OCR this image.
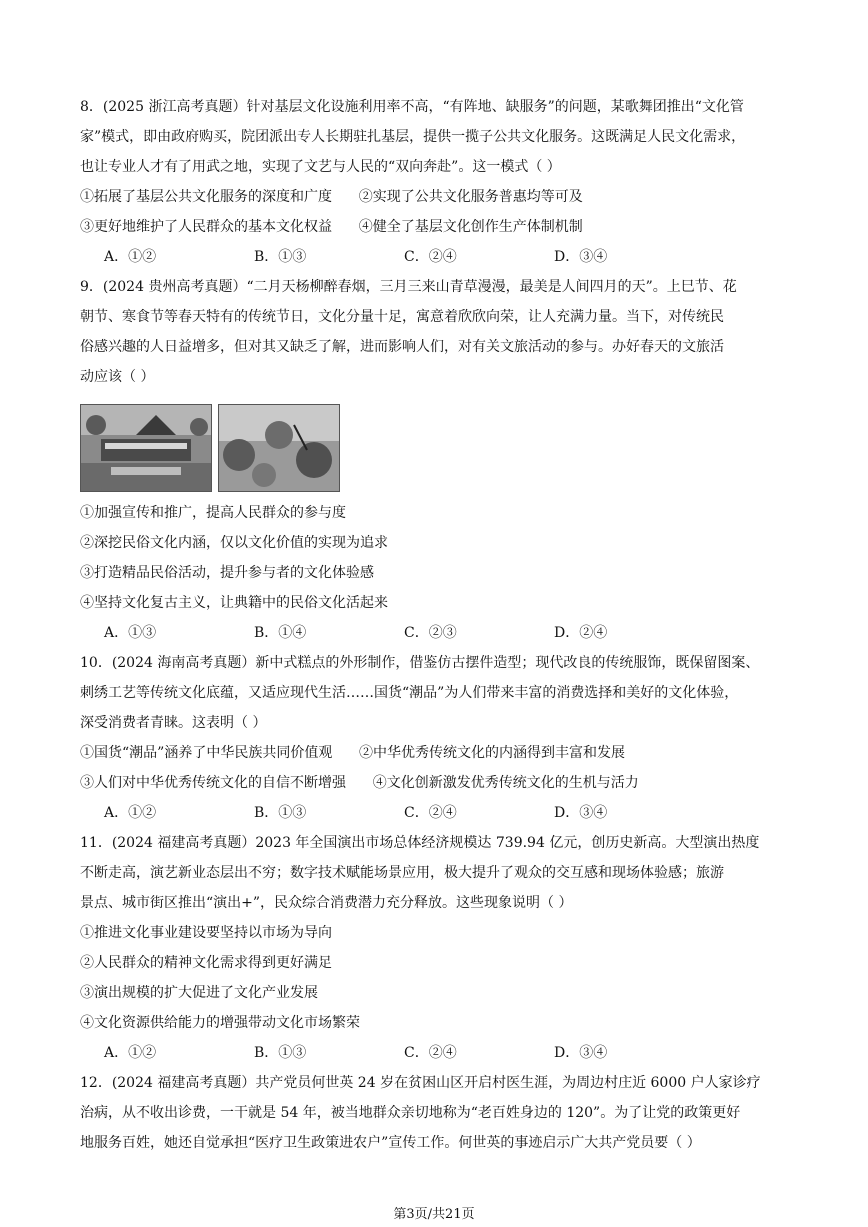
8．(2025 浙江高考真题）针对基层文化设施利用率不高，“有阵地、缺服务”的问题，某歌舞团推出“文化管
家”模式，即由政府购买，院团派出专人长期驻扎基层，提供一揽子公共文化服务。这既满足人民文化需求，
也让专业人才有了用武之地，实现了文艺与人民的“双向奔赴”。这一模式（ ）

①拓展了基层公共文化服务的深度和广度      ②实现了公共文化服务普惠均等可及

③更好地维护了人民群众的基本文化权益      ④健全了基层文化创作生产体制机制

A．①②	B．①③	C．②④	D．③④

9．(2024 贵州高考真题）“二月天杨柳醉春烟，三月三来山青草漫漫，最美是人间四月的天”。上巳节、花
朝节、寒食节等春天特有的传统节日，文化分量十足，寓意着欣欣向荣，让人充满力量。当下，对传统民
俗感兴趣的人日益增多，但对其又缺乏了解，进而影响人们，对有关文旅活动的参与。办好春天的文旅活
动应该（ ）

①加强宣传和推广，提高人民群众的参与度

②深挖民俗文化内涵，仅以文化价值的实现为追求

③打造精品民俗活动，提升参与者的文化体验感

④坚持文化复古主义，让典籍中的民俗文化活起来

A．①③	B．①④	C．②③	D．②④

10．(2024 海南高考真题）新中式糕点的外形制作，借鉴仿古摆件造型；现代改良的传统服饰，既保留图案、
刺绣工艺等传统文化底蕴，又适应现代生活……国货“潮品”为人们带来丰富的消费选择和美好的文化体验，
深受消费者青睐。这表明（ ）

①国货“潮品”涵养了中华民族共同价值观      ②中华优秀传统文化的内涵得到丰富和发展

③人们对中华优秀传统文化的自信不断增强      ④文化创新激发优秀传统文化的生机与活力

A．①②	B．①③	C．②④	D．③④

11．(2024 福建高考真题）2023 年全国演出市场总体经济规模达 739.94 亿元，创历史新高。大型演出热度
不断走高，演艺新业态层出不穷；数字技术赋能场景应用，极大提升了观众的交互感和现场体验感；旅游
景点、城市街区推出“演出+”，民众综合消费潜力充分释放。这些现象说明（ ）

①推进文化事业建设要坚持以市场为导向

②人民群众的精神文化需求得到更好满足

③演出规模的扩大促进了文化产业发展

④文化资源供给能力的增强带动文化市场繁荣

A．①②	B．①③	C．②④	D．③④

12．(2024 福建高考真题）共产党员何世英 24 岁在贫困山区开启村医生涯，为周边村庄近 6000 户人家诊疗
治病，从不收出诊费，一干就是 54 年，被当地群众亲切地称为“老百姓身边的 120”。为了让党的政策更好
地服务百姓，她还自觉承担“医疗卫生政策进农户”宣传工作。何世英的事迹启示广大共产党员要（ ）

第3页/共21页
